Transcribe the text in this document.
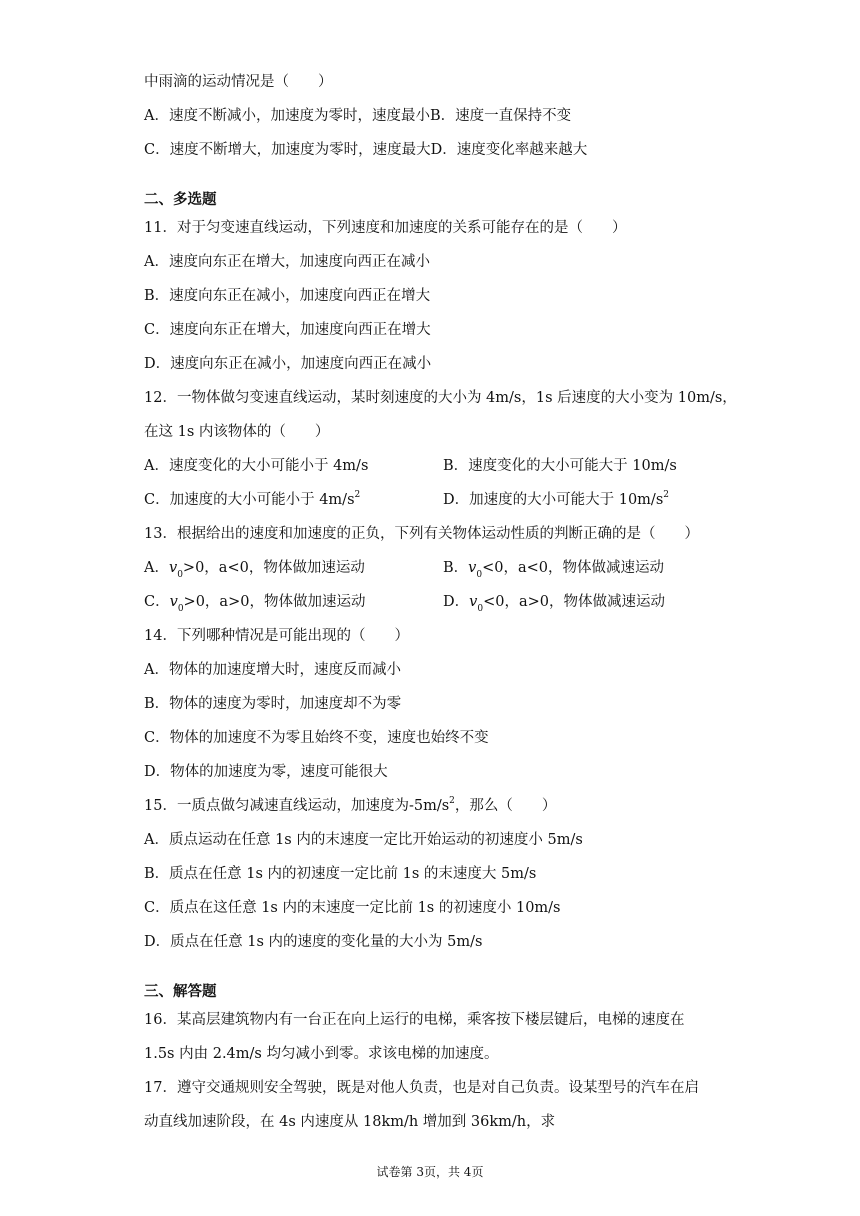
中雨滴的运动情况是（　　）
A．速度不断减小，加速度为零时，速度最小B．速度一直保持不变
C．速度不断增大，加速度为零时，速度最大D．速度变化率越来越大
二、多选题
11．对于匀变速直线运动，下列速度和加速度的关系可能存在的是（　　）
A．速度向东正在增大，加速度向西正在减小
B．速度向东正在减小，加速度向西正在增大
C．速度向东正在增大，加速度向西正在增大
D．速度向东正在减小，加速度向西正在减小
12．一物体做匀变速直线运动，某时刻速度的大小为 4m/s，1s 后速度的大小变为 10m/s，
在这 1s 内该物体的（　　）
A．速度变化的大小可能小于 4m/s	B．速度变化的大小可能大于 10m/s
C．加速度的大小可能小于 $4m/s^2$	D．加速度的大小可能大于 $10m/s^2$
13．根据给出的速度和加速度的正负，下列有关物体运动性质的判断正确的是（　　）
A．$v_0>0$，a<0，物体做加速运动	B．$v_0<0$，a<0，物体做减速运动
C．$v_0>0$，a>0，物体做加速运动	D．$v_0<0$，a>0，物体做减速运动
14．下列哪种情况是可能出现的（　　）
A．物体的加速度增大时，速度反而减小
B．物体的速度为零时，加速度却不为零
C．物体的加速度不为零且始终不变，速度也始终不变
D．物体的加速度为零，速度可能很大
15．一质点做匀减速直线运动，加速度为$-5m/s^2$，那么（　　）
A．质点运动在任意 1s 内的末速度一定比开始运动的初速度小 5m/s
B．质点在任意 1s 内的初速度一定比前 1s 的末速度大 5m/s
C．质点在这任意 1s 内的末速度一定比前 1s 的初速度小 10m/s
D．质点在任意 1s 内的速度的变化量的大小为 5m/s
三、解答题
16．某高层建筑物内有一台正在向上运行的电梯，乘客按下楼层键后，电梯的速度在
1.5s 内由 2.4m/s 均匀减小到零。求该电梯的加速度。
17．遵守交通规则安全驾驶，既是对他人负责，也是对自己负责。设某型号的汽车在启
动直线加速阶段，在 4s 内速度从 18km/h 增加到 36km/h，求
试卷第 3页，共 4页
